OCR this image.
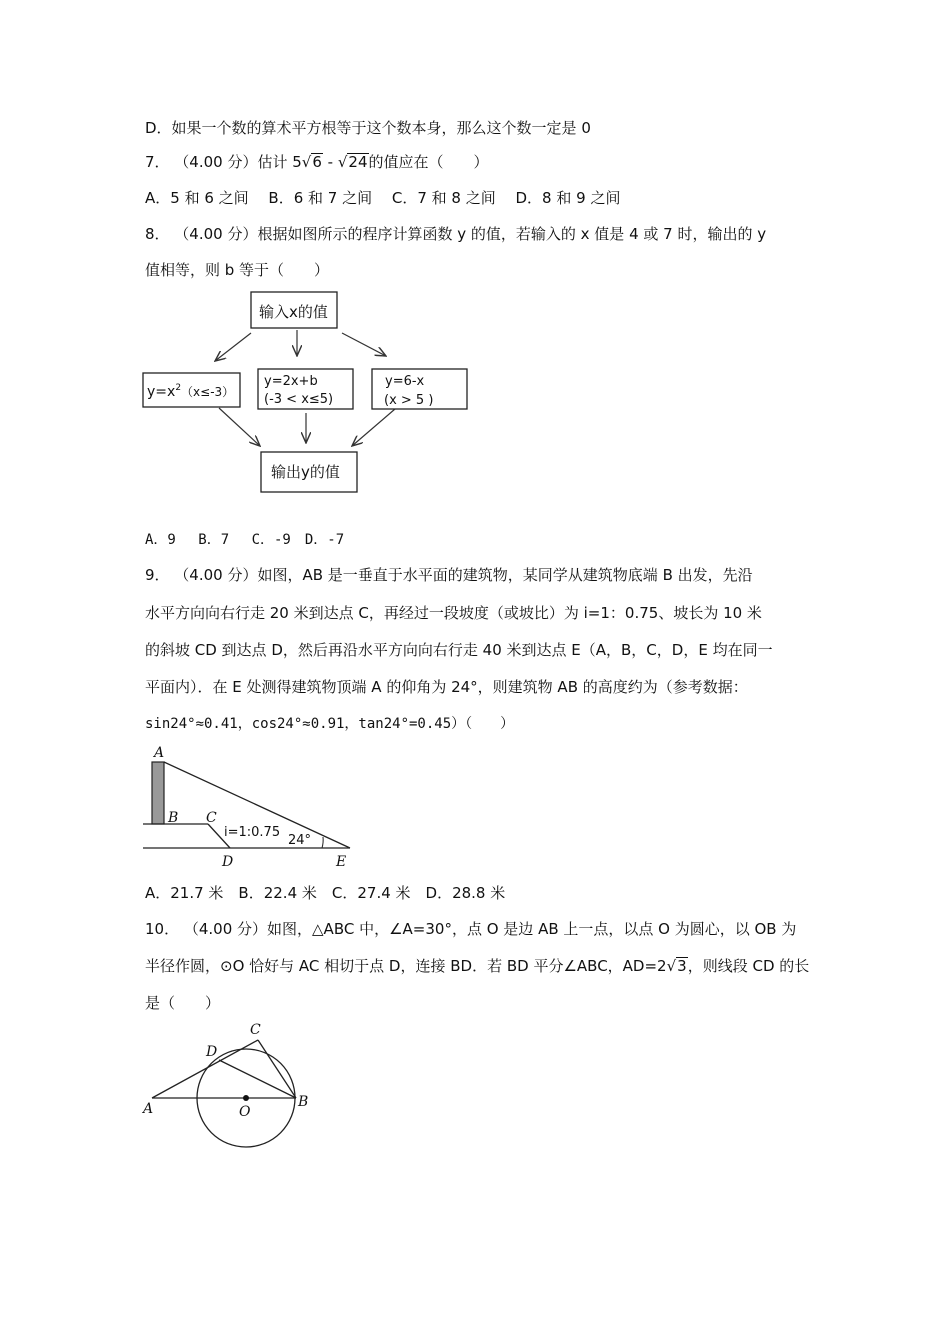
D．如果一个数的算术平方根等于这个数本身，那么这个数一定是 0
7． （4.00 分）估计 5√6 - √24的值应在（　　）
A．5 和 6 之间　 B．6 和 7 之间　 C．7 和 8 之间　 D．8 和 9 之间
8． （4.00 分）根据如图所示的程序计算函数 y 的值，若输入的 x 值是 4 或 7 时，输出的 y
值相等，则 b 等于（　　）
输入x的值
$y=x^2(x\le-3)$
y=2x+b
(-3 < x≤5)
y=6-x
(x > 5 )
输出y的值
A．9　 B．7　 C．-9　D．-7
9． （4.00 分）如图，AB 是一垂直于水平面的建筑物，某同学从建筑物底端 B 出发，先沿
水平方向向右行走 20 米到达点 C，再经过一段坡度（或坡比）为 i=1：0.75、坡长为 10 米
的斜坡 CD 到达点 D，然后再沿水平方向向右行走 40 米到达点 E（A，B，C，D，E 均在同一
平面内）．在 E 处测得建筑物顶端 A 的仰角为 24°，则建筑物 AB 的高度约为（参考数据：
sin24°≈0.41，cos24°≈0.91，tan24°=0.45）（　　）
A
B C
D	E
i=1:0.75
24°
A．21.7 米　B．22.4 米　C．27.4 米　D．28.8 米
10． （4.00 分）如图，△ABC 中，∠A=30°，点 O 是边 AB 上一点，以点 O 为圆心，以 OB 为
半径作圆，⊙O 恰好与 AC 相切于点 D，连接 BD．若 BD 平分∠ABC，AD=2√3，则线段 CD 的长
是（　　）
A	B
C
D
O
